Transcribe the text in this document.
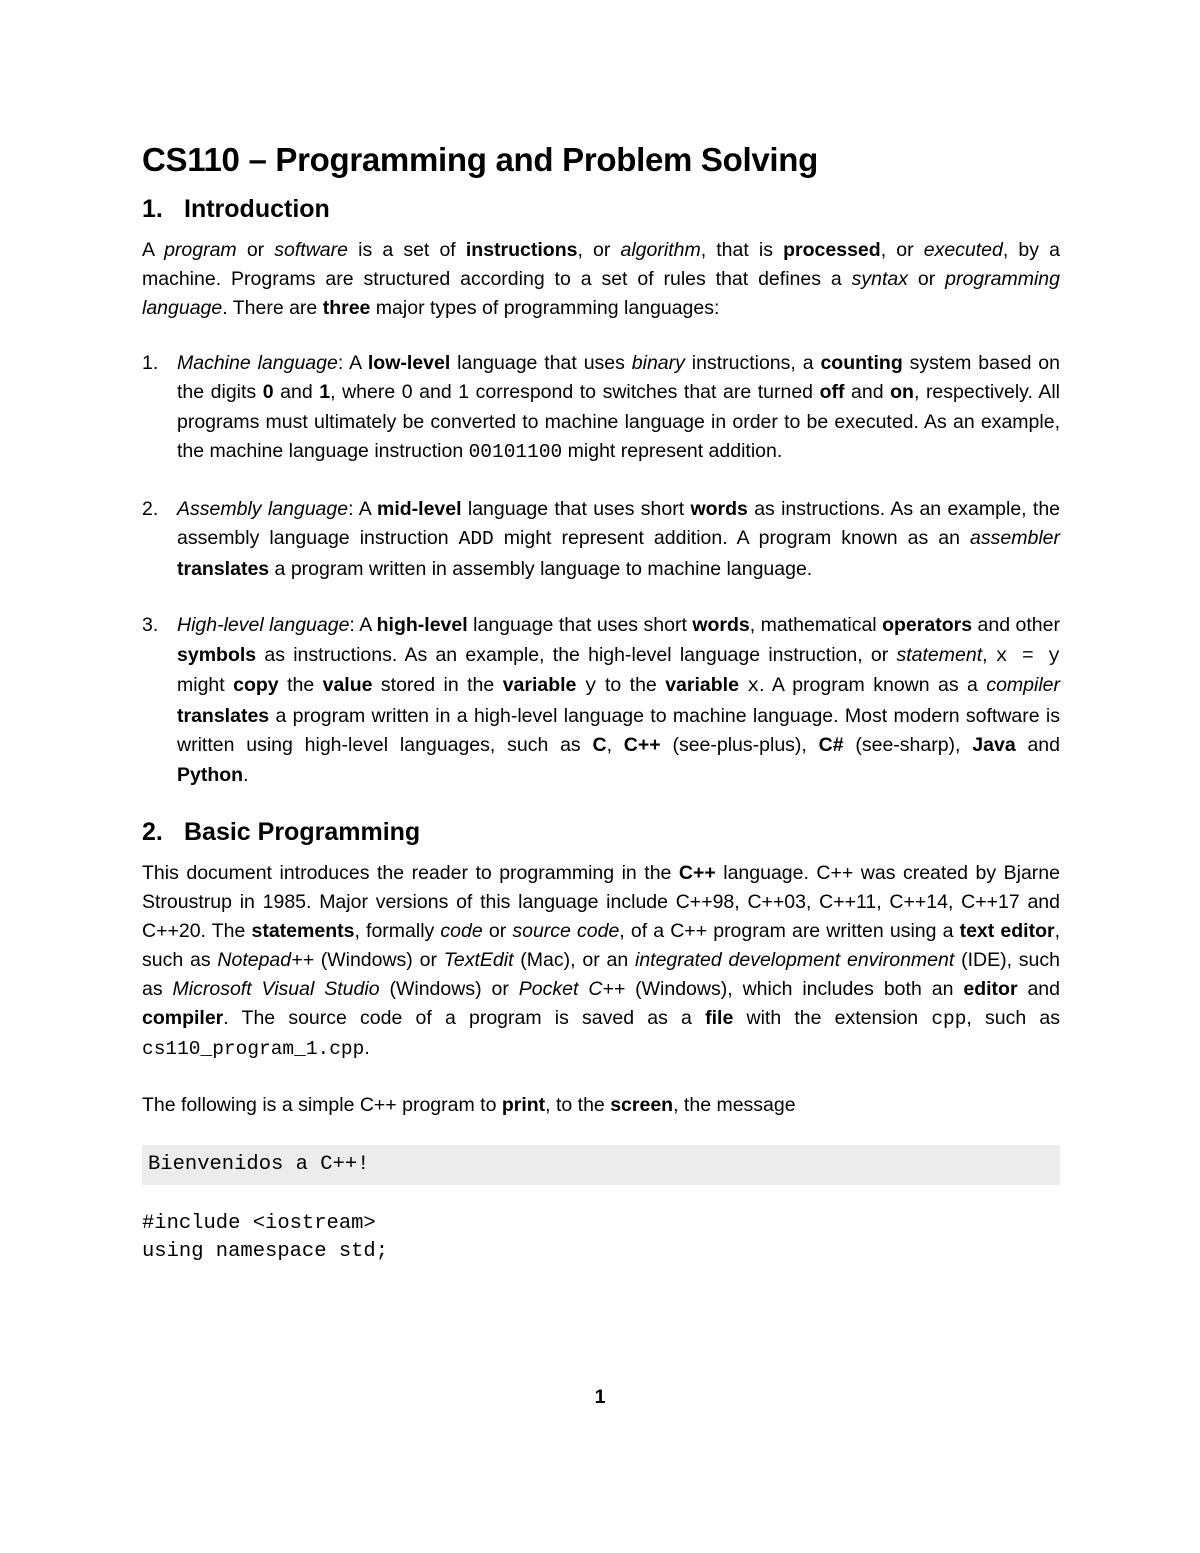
CS110 – Programming and Problem Solving
1. Introduction

A program or software is a set of instructions, or algorithm, that is processed, or executed, by a machine. Programs are structured according to a set of rules that defines a syntax or programming language. There are three major types of programming languages:

1. Machine language: A low-level language that uses binary instructions, a counting system based on the digits 0 and 1, where 0 and 1 correspond to switches that are turned off and on, respectively. All programs must ultimately be converted to machine language in order to be executed. As an example, the machine language instruction 00101100 might represent addition.
2. Assembly language: A mid-level language that uses short words as instructions. As an example, the assembly language instruction ADD might represent addition. A program known as an assembler translates a program written in assembly language to machine language.
3. High-level language: A high-level language that uses short words, mathematical operators and other symbols as instructions. As an example, the high-level language instruction, or statement, x = y might copy the value stored in the variable y to the variable x. A program known as a compiler translates a program written in a high-level language to machine language. Most modern software is written using high-level languages, such as C, C++ (see-plus-plus), C# (see-sharp), Java and Python.
2. Basic Programming

This document introduces the reader to programming in the C++ language. C++ was created by Bjarne Stroustrup in 1985. Major versions of this language include C++98, C++03, C++11, C++14, C++17 and C++20. The statements, formally code or source code, of a C++ program are written using a text editor, such as Notepad++ (Windows) or TextEdit (Mac), or an integrated development environment (IDE), such as Microsoft Visual Studio (Windows) or Pocket C++ (Windows), which includes both an editor and compiler. The source code of a program is saved as a file with the extension cpp, such as cs110_program_1.cpp.

The following is a simple C++ program to print, to the screen, the message

Bienvenidos a C++!
#include <iostream>
using namespace std;
1
